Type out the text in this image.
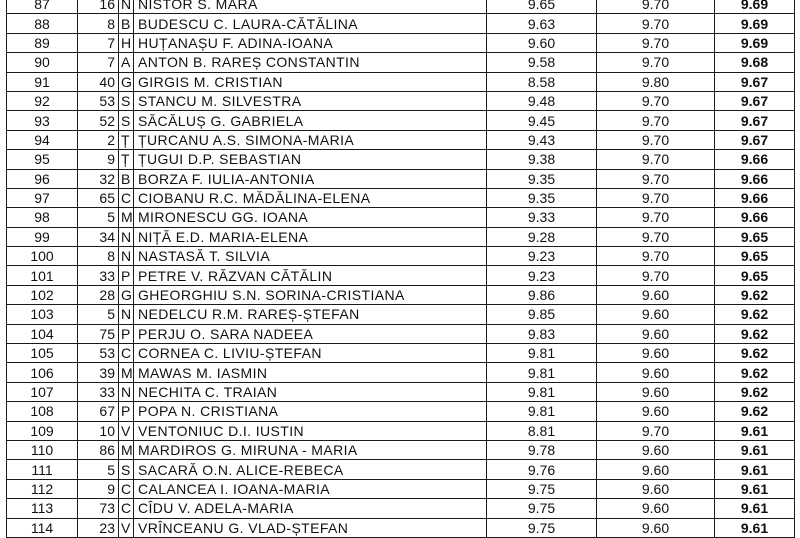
87	16	N	NISTOR S. MARA	9.65	9.70	9.69
88	8	B	BUDESCU C. LAURA-CĂTĂLINA	9.63	9.70	9.69
89	7	H	HUȚANAȘU F. ADINA-IOANA	9.60	9.70	9.69
90	7	A	ANTON B. RAREȘ CONSTANTIN	9.58	9.70	9.68
91	40	G	GIRGIS M. CRISTIAN	8.58	9.80	9.67
92	53	S	STANCU M. SILVESTRA	9.48	9.70	9.67
93	52	S	SĂCĂLUȘ G. GABRIELA	9.45	9.70	9.67
94	2	Ț	ȚURCANU A.S. SIMONA-MARIA	9.43	9.70	9.67
95	9	Ț	ȚUGUI D.P. SEBASTIAN	9.38	9.70	9.66
96	32	B	BORZA F. IULIA-ANTONIA	9.35	9.70	9.66
97	65	C	CIOBANU R.C. MĂDĂLINA-ELENA	9.35	9.70	9.66
98	5	M	MIRONESCU GG. IOANA	9.33	9.70	9.66
99	34	N	NIȚĂ E.D. MARIA-ELENA	9.28	9.70	9.65
100	8	N	NASTASĂ T. SILVIA	9.23	9.70	9.65
101	33	P	PETRE V. RĂZVAN CĂTĂLIN	9.23	9.70	9.65
102	28	G	GHEORGHIU S.N. SORINA-CRISTIANA	9.86	9.60	9.62
103	5	N	NEDELCU R.M. RAREȘ-ȘTEFAN	9.85	9.60	9.62
104	75	P	PERJU O. SARA NADEEA	9.83	9.60	9.62
105	53	C	CORNEA C. LIVIU-ȘTEFAN	9.81	9.60	9.62
106	39	M	MAWAS M. IASMIN	9.81	9.60	9.62
107	33	N	NECHITA C. TRAIAN	9.81	9.60	9.62
108	67	P	POPA N. CRISTIANA	9.81	9.60	9.62
109	10	V	VENTONIUC D.I. IUSTIN	8.81	9.70	9.61
110	86	M	MARDIROS G. MIRUNA - MARIA	9.78	9.60	9.61
111	5	S	SACARĂ O.N. ALICE-REBECA	9.76	9.60	9.61
112	9	C	CALANCEA I. IOANA-MARIA	9.75	9.60	9.61
113	73	C	CÎDU V. ADELA-MARIA	9.75	9.60	9.61
114	23	V	VRÎNCEANU G. VLAD-ȘTEFAN	9.75	9.60	9.61
